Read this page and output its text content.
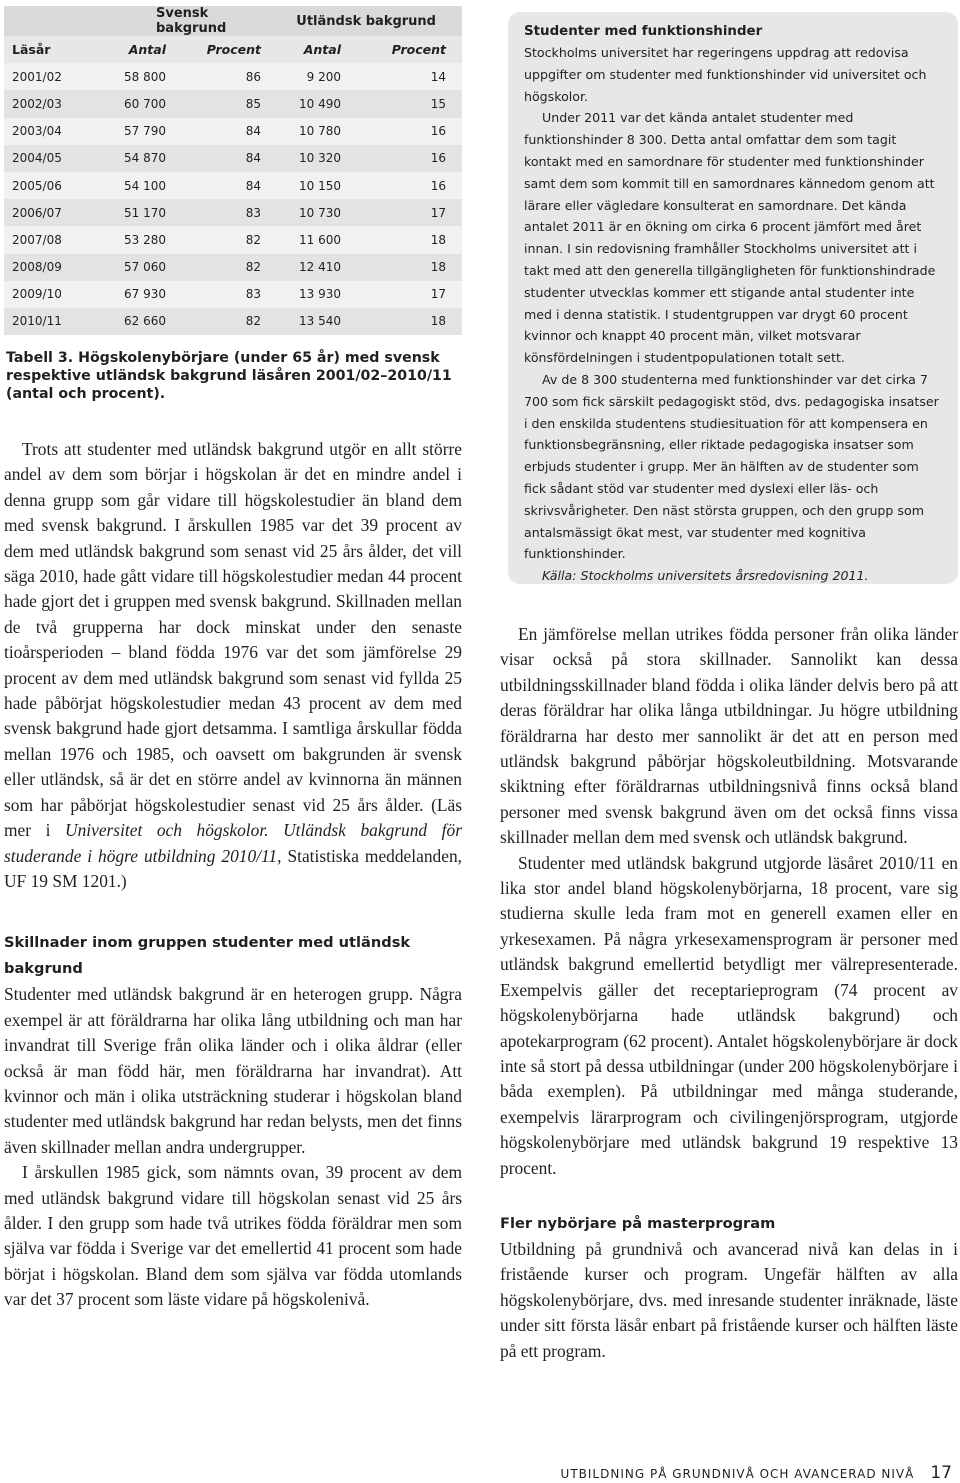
	Svensk bakgrund		Utländsk bakgrund	
Läsår	Antal	Procent	Antal	Procent
2001/02	58 800	86	9 200	14
2002/03	60 700	85	10 490	15
2003/04	57 790	84	10 780	16
2004/05	54 870	84	10 320	16
2005/06	54 100	84	10 150	16
2006/07	51 170	83	10 730	17
2007/08	53 280	82	11 600	18
2008/09	57 060	82	12 410	18
2009/10	67 930	83	13 930	17
2010/11	62 660	82	13 540	18
Tabell 3. Högskolenybörjare (under 65 år) med svensk respektive utländsk bakgrund läsåren 2001/02–2010/11 (antal och procent).

Trots att studenter med utländsk bakgrund utgör en allt större andel av dem som börjar i högskolan är det en mindre andel i denna grupp som går vidare till högskolestudier än bland dem med svensk bakgrund. I årskullen 1985 var det 39 procent av dem med utländsk bakgrund som senast vid 25 års ålder, det vill säga 2010, hade gått vidare till högskolestudier medan 44 procent hade gjort det i gruppen med svensk bakgrund. Skillnaden mellan de två grupperna har dock minskat under den senaste tioårsperioden – bland födda 1976 var det som jämförelse 29 procent av dem med utländsk bakgrund som senast vid fyllda 25 hade påbörjat högskolestudier medan 43 procent av dem med svensk bakgrund hade gjort detsamma. I samtliga årskullar födda mellan 1976 och 1985, och oavsett om bakgrunden är svensk eller utländsk, så är det en större andel av kvinnorna än männen som har påbörjat högskolestudier senast vid 25 års ålder. (Läs mer i Universitet och högskolor. Utländsk bakgrund för studerande i högre utbildning 2010/11, Statistiska meddelanden, UF 19 SM 1201.)

Skillnader inom gruppen studenter med utländsk bakgrund

Studenter med utländsk bakgrund är en heterogen grupp. Några exempel är att föräldrarna har olika lång utbildning och man har invandrat till Sverige från olika länder och i olika åldrar (eller också är man född här, men föräldrarna har invandrat). Att kvinnor och män i olika utsträckning studerar i högskolan bland studenter med utländsk bakgrund har redan belysts, men det finns även skillnader mellan andra undergrupper.

I årskullen 1985 gick, som nämnts ovan, 39 procent av dem med utländsk bakgrund vidare till högskolan senast vid 25 års ålder. I den grupp som hade två utrikes födda föräldrar men som själva var födda i Sverige var det emellertid 41 procent som hade börjat i högskolan. Bland dem som själva var födda utomlands var det 37 procent som läste vidare på högskolenivå.

Studenter med funktionshinder

Stockholms universitet har regeringens uppdrag att redovisa uppgifter om studenter med funktionshinder vid universitet och högskolor.

Under 2011 var det kända antalet studenter med funktionshinder 8 300. Detta antal omfattar dem som tagit kontakt med en samordnare för studenter med funktionshinder samt dem som kommit till en samordnares kännedom genom att lärare eller vägledare konsulterat en samordnare. Det kända antalet 2011 är en ökning om cirka 6 procent jämfört med året innan. I sin redovisning framhåller Stockholms universitet att i takt med att den generella tillgängligheten för funktionshindrade studenter utvecklas kommer ett stigande antal studenter inte med i denna statistik. I studentgruppen var drygt 60 procent kvinnor och knappt 40 procent män, vilket motsvarar könsfördelningen i studentpopulationen totalt sett.

Av de 8 300 studenterna med funktionshinder var det cirka 7 700 som fick särskilt pedagogiskt stöd, dvs. pedagogiska insatser i den enskilda studentens studiesituation för att kompensera en funktionsbegränsning, eller riktade pedagogiska insatser som erbjuds studenter i grupp. Mer än hälften av de studenter som fick sådant stöd var studenter med dyslexi eller läs- och skrivsvårigheter. Den näst största gruppen, och den grupp som antalsmässigt ökat mest, var studenter med kognitiva funktionshinder.

Källa: Stockholms universitets årsredovisning 2011.

En jämförelse mellan utrikes födda personer från olika länder visar också på stora skillnader. Sannolikt kan dessa utbildningsskillnader bland födda i olika länder delvis bero på att deras föräldrar har olika långa utbildningar. Ju högre utbildning föräldrarna har desto mer sannolikt är det att en person med utländsk bakgrund påbörjar högskoleutbildning. Motsvarande skiktning efter föräldrarnas utbildningsnivå finns också bland personer med svensk bakgrund även om det också finns vissa skillnader mellan dem med svensk och utländsk bakgrund.

Studenter med utländsk bakgrund utgjorde läsåret 2010/11 en lika stor andel bland högskolenybörjarna, 18 procent, vare sig studierna skulle leda fram mot en generell examen eller en yrkesexamen. På några yrkesexamensprogram är personer med utländsk bakgrund emellertid betydligt mer välrepresenterade. Exempelvis gäller det receptarieprogram (74 procent av högskolenybörjarna hade utländsk bakgrund) och apotekarprogram (62 procent). Antalet högskolenybörjare är dock inte så stort på dessa utbildningar (under 200 högskolenybörjare i båda exemplen). På utbildningar med många studerande, exempelvis lärarprogram och civilingenjörsprogram, utgjorde högskolenybörjare med utländsk bakgrund 19 respektive 13 procent.

Fler nybörjare på masterprogram

Utbildning på grundnivå och avancerad nivå kan delas in i fristående kurser och program. Ungefär hälften av alla högskolenybörjare, dvs. med inresande studenter inräknade, läste under sitt första läsår enbart på fristående kurser och hälften läste på ett program.

UTBILDNING PÅ GRUNDNIVÅ OCH AVANCERAD NIVÅ 17
